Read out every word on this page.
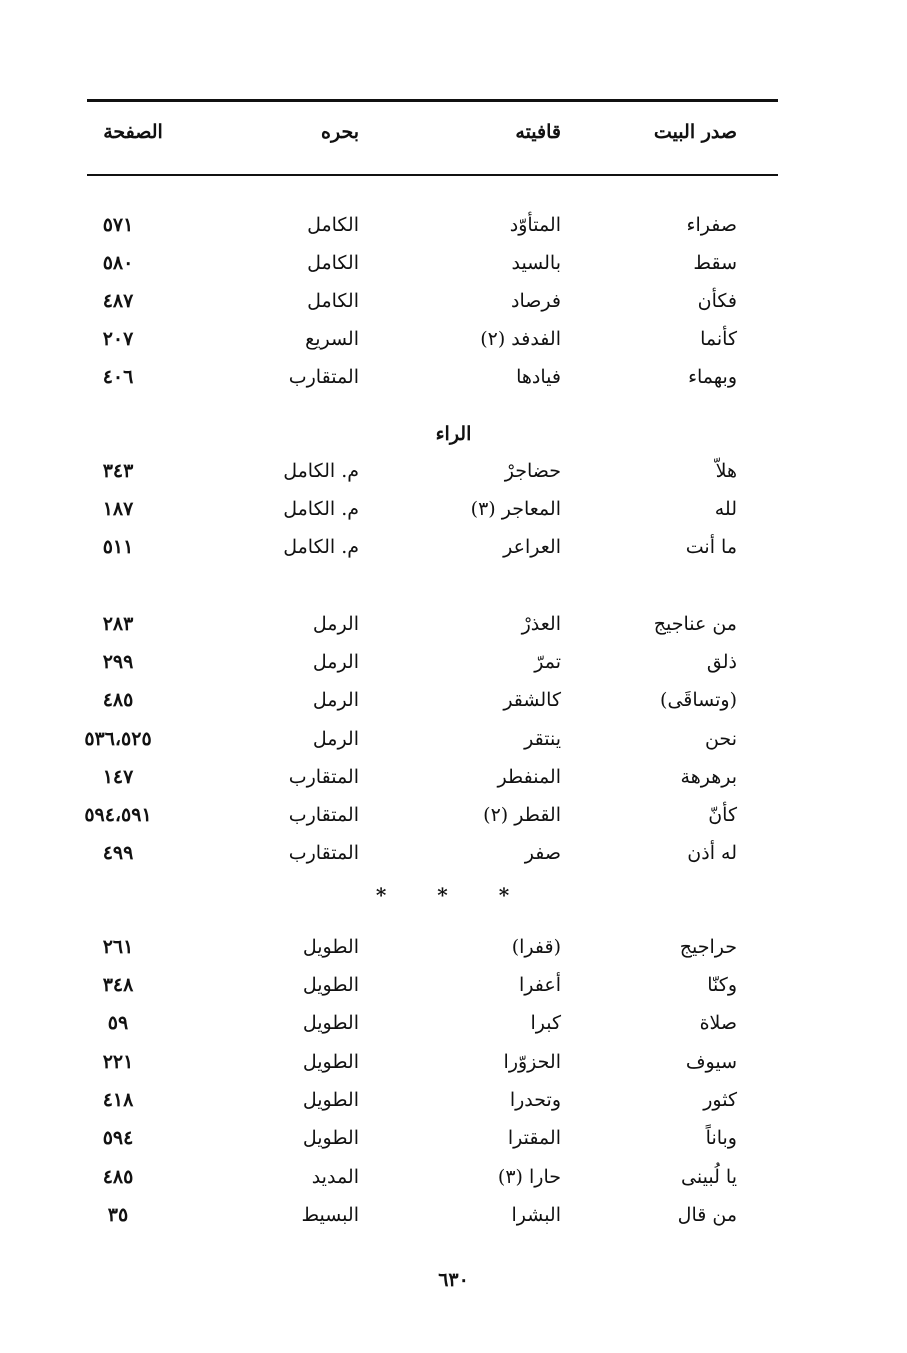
صدر البيت
قافيته
بحره
الصفحة
صفراء
المتأوّد
الكامل
٥٧١
سقط
بالسيد
الكامل
٥٨٠
فكأن
فرصاد
الكامل
٤٨٧
كأنما
الفدفد (٢)
السريع
٢٠٧
وبهماء
فيادها
المتقارب
٤٠٦
الراء
هلاّ
حضاجرْ
م. الكامل
٣٤٣
لله
المعاجر (٣)
م. الكامل
١٨٧
ما أنت
العراعر
م. الكامل
٥١١
من عناجيج
العذرْ
الرمل
٢٨٣
ذلق
تمرّ
الرمل
٢٩٩
(وتساقَى)
كالشقر
الرمل
٤٨٥
نحن
ينتقر
الرمل
٥٣٦،٥٢٥
برهرهة
المنفطر
المتقارب
١٤٧
كأنّ
القطر (٢)
المتقارب
٥٩٤،٥٩١
له أذن
صفر
المتقارب
٤٩٩
* * *
حراجيج
(قفرا)
الطويل
٢٦١
وكنّا
أعفرا
الطويل
٣٤٨
صلاة
كبرا
الطويل
٥٩
سيوف
الحزوّرا
الطويل
٢٢١
كثور
وتحدرا
الطويل
٤١٨
وباناً
المقترا
الطويل
٥٩٤
يا لُبينى
حارا (٣)
المديد
٤٨٥
من قال
البشرا
البسيط
٣٥
٦٣٠
